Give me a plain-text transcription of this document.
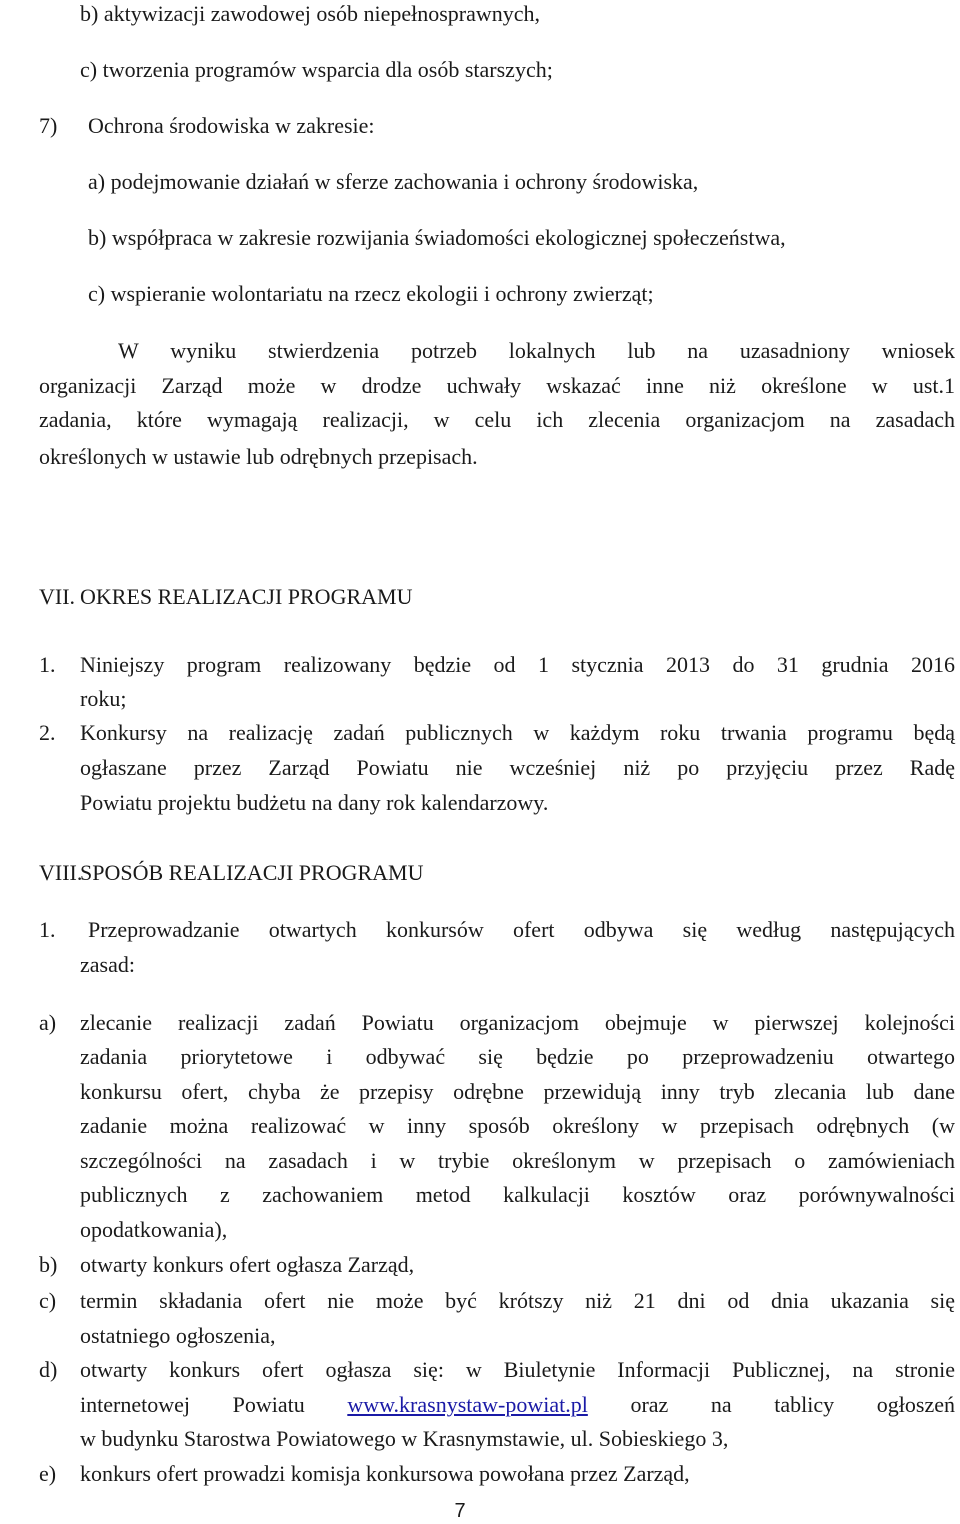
b) aktywizacji zawodowej osób niepełnosprawnych,
c) tworzenia programów wsparcia dla osób starszych;
7) Ochrona środowiska w zakresie:
a) podejmowanie działań w sferze zachowania i ochrony środowiska,
b) współpraca w zakresie rozwijania świadomości ekologicznej społeczeństwa,
c) wspieranie wolontariatu na rzecz ekologii i ochrony zwierząt;
W wyniku stwierdzenia potrzeb lokalnych lub na uzasadniony wniosek
organizacji Zarząd może w drodze uchwały wskazać inne niż określone w ust.1
zadania, które wymagają realizacji, w celu ich zlecenia organizacjom na zasadach
określonych w ustawie lub odrębnych przepisach.
VII. OKRES REALIZACJI PROGRAMU
1. Niniejszy program realizowany będzie od 1 stycznia 2013 do 31 grudnia 2016
roku;
2. Konkursy na realizację zadań publicznych w każdym roku trwania programu będą
ogłaszane przez Zarząd Powiatu nie wcześniej niż po przyjęciu przez Radę
Powiatu projektu budżetu na dany rok kalendarzowy.
VIII.
SPOSÓB REALIZACJI PROGRAMU
1. Przeprowadzanie otwartych konkursów ofert odbywa się według następujących
zasad:
a) zlecanie realizacji zadań Powiatu organizacjom obejmuje w pierwszej kolejności
zadania priorytetowe i odbywać się będzie po przeprowadzeniu otwartego
konkursu ofert, chyba że przepisy odrębne przewidują inny tryb zlecania lub dane
zadanie można realizować w inny sposób określony w przepisach odrębnych (w
szczególności na zasadach i w trybie określonym w przepisach o zamówieniach
publicznych z zachowaniem metod kalkulacji kosztów oraz porównywalności
opodatkowania),
b) otwarty konkurs ofert ogłasza Zarząd,
c) termin składania ofert nie może być krótszy niż 21 dni od dnia ukazania się
ostatniego ogłoszenia,
d) otwarty konkurs ofert ogłasza się: w Biuletynie Informacji Publicznej, na stronie
internetowej Powiatu www.krasnystaw-powiat.pl oraz na tablicy ogłoszeń
w budynku Starostwa Powiatowego w Krasnymstawie, ul. Sobieskiego 3,
e) konkurs ofert prowadzi komisja konkursowa powołana przez Zarząd,
7
